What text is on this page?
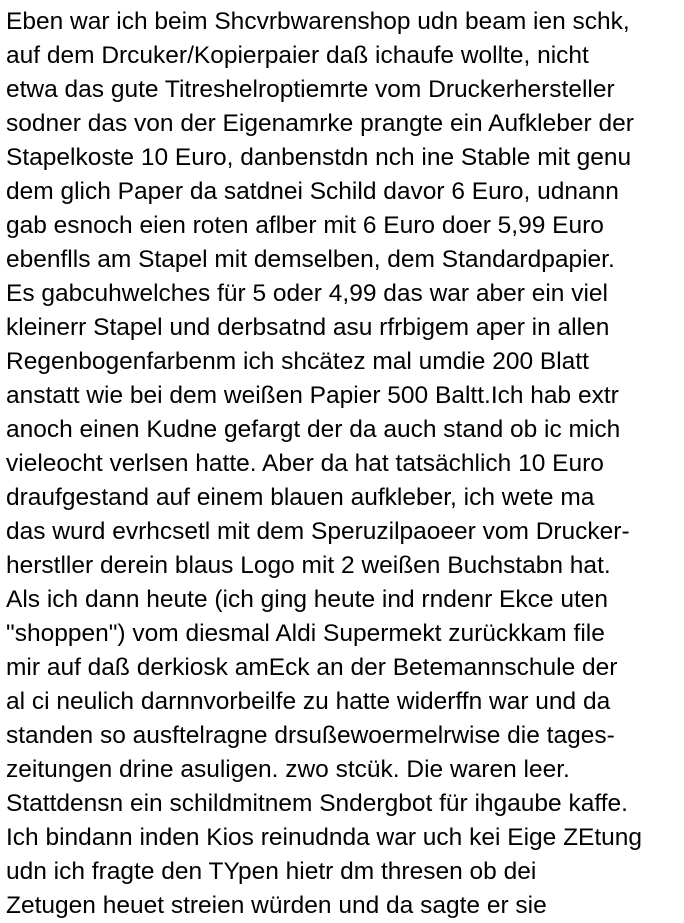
Eben war ich beim Shcvrbwarenshop udn beam ien schk,
auf dem Drcuker/Kopierpaier daß ichaufe wollte, nicht
etwa das gute Titreshelroptiemrte vom Druckerhersteller
sodner das von der Eigenamrke prangte ein Aufkleber der
Stapelkoste 10 Euro, danbenstdn nch ine Stable mit genu
dem glich Paper da satdnei Schild davor 6 Euro, udnann
gab esnoch eien roten aflber mit 6 Euro doer 5,99 Euro
ebenflls am Stapel mit demselben, dem Standardpapier.
Es gabcuhwelches für 5 oder 4,99 das war aber ein viel
kleinerr Stapel und derbsatnd asu rfrbigem aper in allen
Regenbogenfarbenm ich shcätez mal umdie 200 Blatt
anstatt wie bei dem weißen Papier 500 Baltt.Ich hab extr
anoch einen Kudne gefargt der da auch stand ob ic mich
vieleocht verlsen hatte. Aber da hat tatsächlich 10 Euro
draufgestand auf einem blauen aufkleber, ich wete ma
das wurd evrhcsetl mit dem Speruzilpaoeer vom Drucker-
herstller derein blaus Logo mit 2 weißen Buchstabn hat.
Als ich dann heute (ich ging heute ind rndenr Ekce uten
"shoppen") vom diesmal Aldi Supermekt zurückkam file
mir auf daß derkiosk amEck an der Betemannschule der
al ci neulich darnnvorbeilfe zu hatte widerffn war und da
standen so ausftelragne drsußewoermelrwise die tages-
zeitungen drine asuligen. zwo stcük. Die waren leer.
Stattdensn ein schildmitnem Sndergbot für ihgaube kaffe.
Ich bindann inden Kios reinudnda war uch kei Eige ZEtung
udn ich fragte den TYpen hietr dm thresen ob dei
Zetugen heuet streien würden und da sagte er sie
